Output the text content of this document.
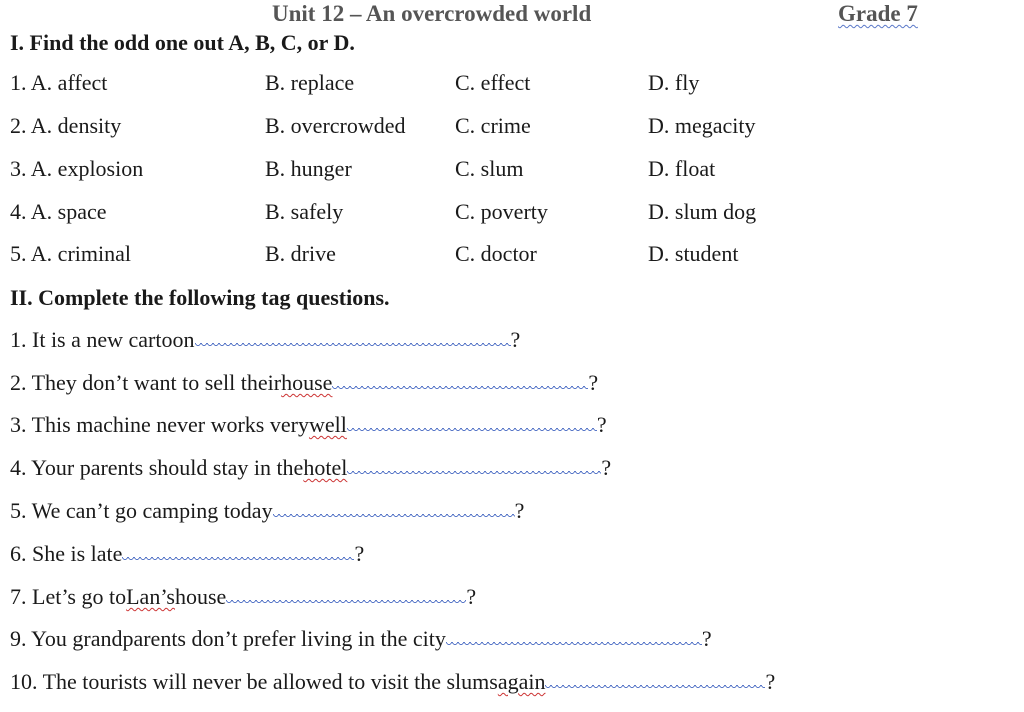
Unit 12 – An overcrowded world	Grade 7
I. Find the odd one out A, B, C, or D.
1. A. affect	B. replace	C. effect	D. fly
2. A. density	B. overcrowded C. crime	D. megacity
3. A. explosion	B. hunger	C. slum	D. float
4. A. space	B. safely	C. poverty	D. slum dog
5. A. criminal	B. drive	C. doctor	D. student
II. Complete the following tag questions.
1. It is a new cartoon	?
2. They don’t want to sell theirhouse	?
3. This machine never works verywell	?
4. Your parents should stay in thehotel	?
5. We can’t go camping today	?
6. She is late	?
7. Let’s go toLan’shouse	?
9. You grandparents don’t prefer living in the city	?
10. The tourists will never be allowed to visit the slumsagain	?
